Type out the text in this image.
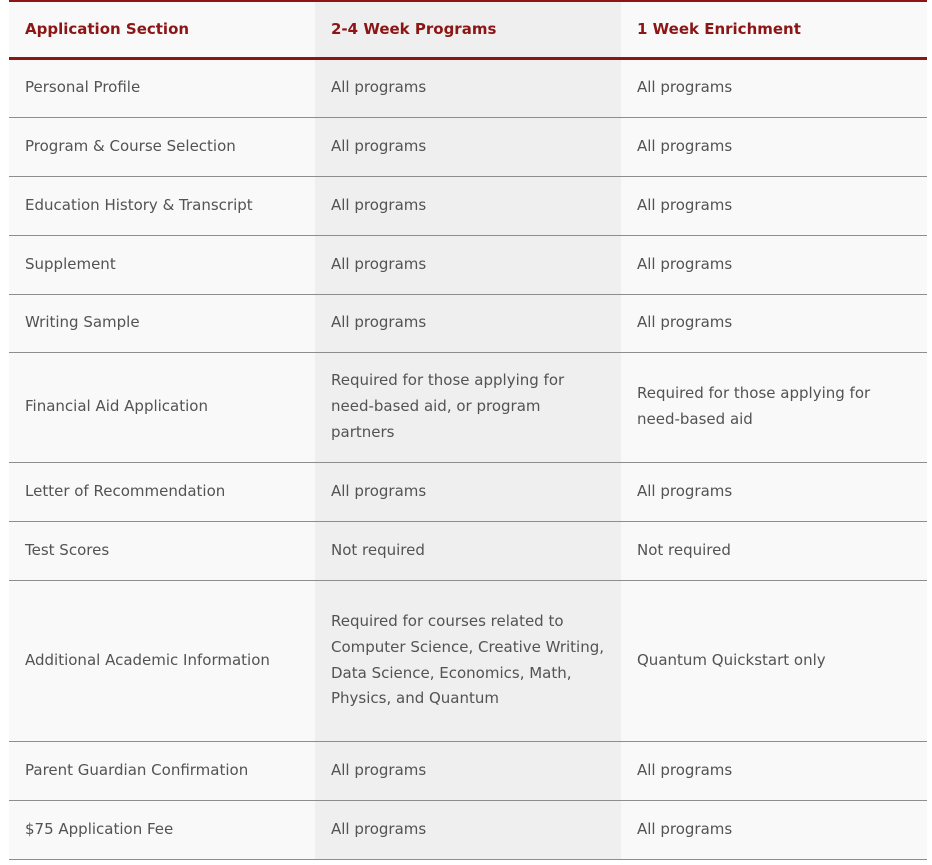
Application Section	2-4 Week Programs	1 Week Enrichment
Personal Profile	All programs	All programs
Program & Course Selection	All programs	All programs
Education History & Transcript	All programs	All programs
Supplement	All programs	All programs
Writing Sample	All programs	All programs
Financial Aid Application	Required for those applying for need-based aid, or program partners	Required for those applying for need-based aid
Letter of Recommendation	All programs	All programs
Test Scores	Not required	Not required
Additional Academic Information	Required for courses related to Computer Science, Creative Writing, Data Science, Economics, Math, Physics, and Quantum	Quantum Quickstart only
Parent Guardian Confirmation	All programs	All programs
$75 Application Fee	All programs	All programs
